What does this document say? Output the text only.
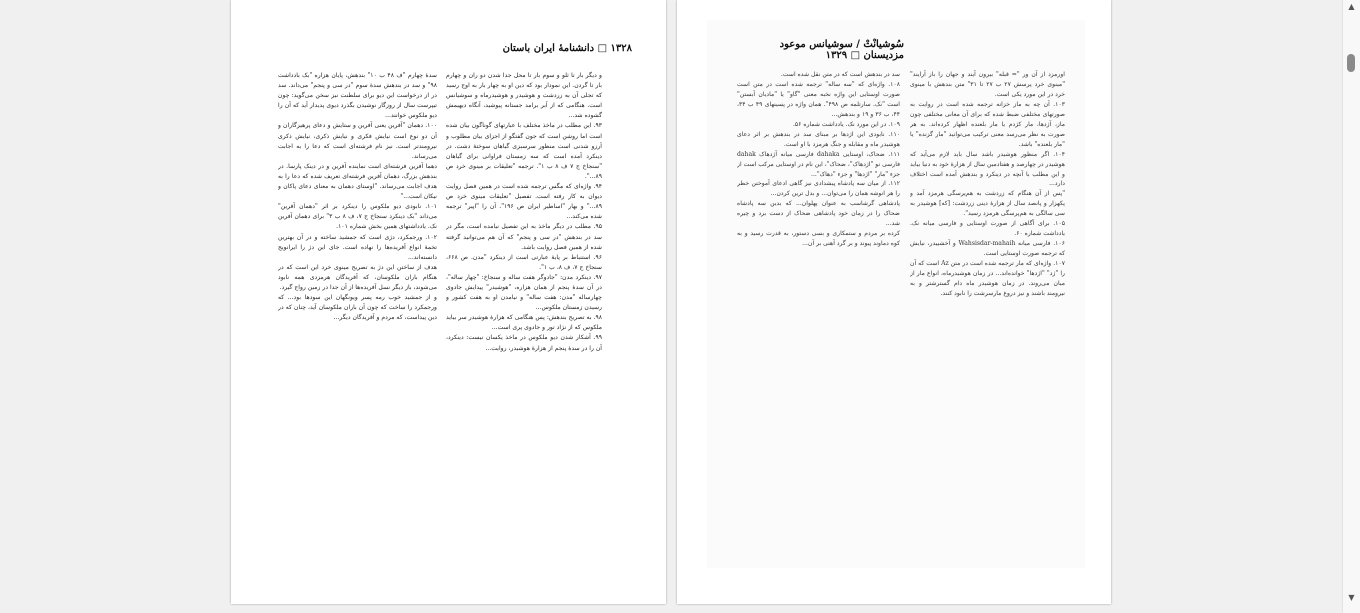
۱۳۲۸ □ دانشنامهٔ ایران باستان

و دیگر بار تا ثلو و سوم بار تا محل جدا شدن دو ران و چهارم بار تا گردن. این نمودار بود که دین او به چهار بار به اوج رسید که تجلی آن به زردشت و هوشیدر و هوشیدرماه و سوشیانس است. هنگامی که از اَبر برامد جستانه پیوشید، آنگاه دیهیمش گشوده شد...

۹۳. این مطلب در ماخذ مختلف با عبارتهای گوناگون بیان شده است اما روشن است که جون گفتگو از اجزای بیان مطلوب و آرزو شدنی است منظور سرسبزی گیاهان سوختهٔ دشت. در دینکرد آمده است که سه زمستان فراوانی برای گیاهان "سنجاخ ج ۷ ف ۸ ب ۱". ترجمه "تعلیقات بر مینوی خرد ص ۸۹...".

۹۴. واژه‌ای که مگس ترجمه شده است در همین فصل روایت دیوان به کار رفته است. تفصیل "تعلیقات مینوی خرد ص ۸۹..." و بهار "اساطیر ایران ص ۱۹۶". آن را "اپیر" ترجمه شده می‌کند...

۹۵. مطلب در دیگر ماخذ به این تفصیل نیامده است، مگر در سد در بندهش "در سی و پنجم" که آن هم می‌توانید گرفته شده از همین فصل روایت باشد.

۹۶. استنباط بر پایهٔ عبارتی است از دینکرد "مدن. ص ۶۶۸، سنجاخ ج ۷، ف ۸، ب ۱".

۹۷. دینکرد مدن: "جادوگر هفت ساله و سنجاخ: "چهار ساله"، در آن سدهٔ پنجم از همان هزاره، "هوشیدر" پیدایش جادوی چهارساله "مدن: هفت ساله" و نیامدن او به هفت کشور و رسیدن زمستان ملکوس...

۹۸. به تصریح بندهش: پس هنگامی که هزارهٔ هوشیدر سر بیاید ملکوس که از نژاد تور و جادوی پری است...

۹۹. آشکار شدن دیو ملکوس در ماخذ یکسان نیست: دینکرد، آن را در سدهٔ پنجم از هزارهٔ هوشیدر، روایت...

سدهٔ چهارم "ف ۴۸ ب ۱۰" بندهش، پایان هزاره "بک بادداشت ۹۸" و سد در بندهش سدهٔ سوم "در سی و پنجم" می‌داند. سد در از درخواست این دیو برای سلطنت نیز سخن می‌گوید: چون تیپرست سال از روزگار نوشیدن بگذرد دیوی پدیدار آید که آن را دیو ملکوس خوانند...

۱۰۰. دهمان "آفرین یعنی آفرین و ستایش و دعای پرهیزگاران و آن دو نوع است نیایش فکری و نیایش ذکری، نیایش ذکری نیرومندتر است. نیز نام فرشته‌ای است که دعا را به اجابت می‌رساند.

دهما آفرین فرشته‌ای است نماینده آفرین و در دینک پارسا. در بندهش بزرگ، دهمان آفرین فرشته‌ای تعریف شده که دعا را به هدف اجابت می‌رساند. "اوستای دهمان به معنای دعای پاکان و نیکان است..."

۱۰۱. نابودی دیو ملکوس را دینکرد بر اثر "دهمان آفرین" می‌داند "بک دینکرد سنجاخ ج ۷، ف ۸ ب ۳" برای دهمان آفرین نک. یادداشتهای همین بخش شماره ۱۰۱.

۱۰۲. ورجمکرد، دژی است که جمشید ساخته و در آن بهترین تخمهٔ انواع آفریده‌ها را نهاده است. جای این دژ را ایرانویج دانسته‌اند...

هدف از ساختن این دژ به تصریح مینوی خرد این است که در هنگام باران ملکوسان، که آفریدگان هرمزدی همه نابود می‌شوند، باز دیگر نسل آفریده‌ها از آن جدا در زمین رواج گیرد.

و از جمشید خوب رمه پسر ویونگهان این سودها بود... که ورجمکرد را ساخت که چون آن باران ملکوسان آید، چنان که در دین پیداست، که مردم و آفریدگان دیگر...

سُوشیانْتْ / سوشیانس موعود مزدیسنان □ ۱۳۲۹

اورمزد از آن ور "= قبله" بیرون آیند و جهان را باز آرایند" "مینوی خرد پرسش ۲۷ ب ۲۷ تا ۳۱" متن بندهش با مینوی خرد در این مورد یکی است.

۱۰۳. آن چه به ماز خزانه ترجمه شده است در روایت به صورتهای مختلفی ضبط شده که برای آن معانی مختلفی چون ماز، آژدها، مار کژدم یا مار بلعنده اظهار کرده‌اند. به هر صورت به نظر می‌رسد معنی ترکیب می‌توانید "مار گزنده" یا "مار بلعنده" باشد.

۱۰۴. اگر منظور هوشیدر باشد سال باید لازم می‌آید که هوشیدر در چهارصد و هفتادمین سال از هزارهٔ خود به دنیا بیاید و این مطلب با آنچه در دینکرد و بندهش آمده است اختلاف دارد...

"پس از آن هنگام که زردشت به هم‌پرسگی هرمزد آمد و پکهزار و پانصد سال از هزارهٔ دینی زردشت: [که] هوشیدر به سی سالگی به هم‌پرسگی هرمزد رسید".

۱۰۵. برای آگاهی از صورت اوستایی و فارسی میانه نک. یادداشت شماره ۶۰.

۱۰۶. فارسی میانه Wahsisdar-mahaih و آخشییدر، نیایش که ترجمه صورت اوستایی است.

۱۰۷. واژه‌ای که مار ترجمه شده است در متن Az است که آن را "ژد" "اژدها" خوانده‌اند... در زمان هوشیدرماه، انواع مار از میان می‌روند. در زمان هوشیدر ماه دام گسترشتر و به نیرومند باشند و نیز دروغ مارسرشت را نابود کنند.

سد در بندهش است که در متن نقل شده است.

۱۰۸. واژه‌ای که "سه ساله" ترجمه شده است در متن است صورت اوستایی این واژه نخبه معنی "گاو" یا "مادیان آبستن" است "نک. سارتلمه ص ۴۹۸". همان واژه در پسینهای ۴۹ ب ۳۴، ۴۴، ب ۳۶ و ۱۹ و بندهش...

۱۰۹. در این مورد نک. یادداشت شماره ۵۶.

۱۱۰. نابودی این اژدها بر مبنای سد در بندهش بر اثر دعای هوشیدر ماه و مقابله و جنگ هرمزد با او است.

۱۱۱. ضحاک، اوستایی dahaka فارسی میانه آژدهاک dahak فارسی نو "اژدهاک"، ضحاک"، این نام در اوستایی مرکب است از جزء "مار" "اژدها" و جزء "دهاک"...

۱۱۲. از میان سه پادشاه پیشدادی نیز گاهی ادعای آموختن خطر را هر انوشه همان را می‌توان... و بدل ترین کردن...

پادشاهی گرشاسب به عنوان پهلوان... که بدین سه پادشاه ضحاک را در زمان خود پادشاهی ضحاک از دست برد و چیره شد...

کرده بر مردم و ستمکاری و بسی دستور، به قدرت رسید و به کوه دماوند پیوند و بر گرد آهنی بر آن...

▲
▼
